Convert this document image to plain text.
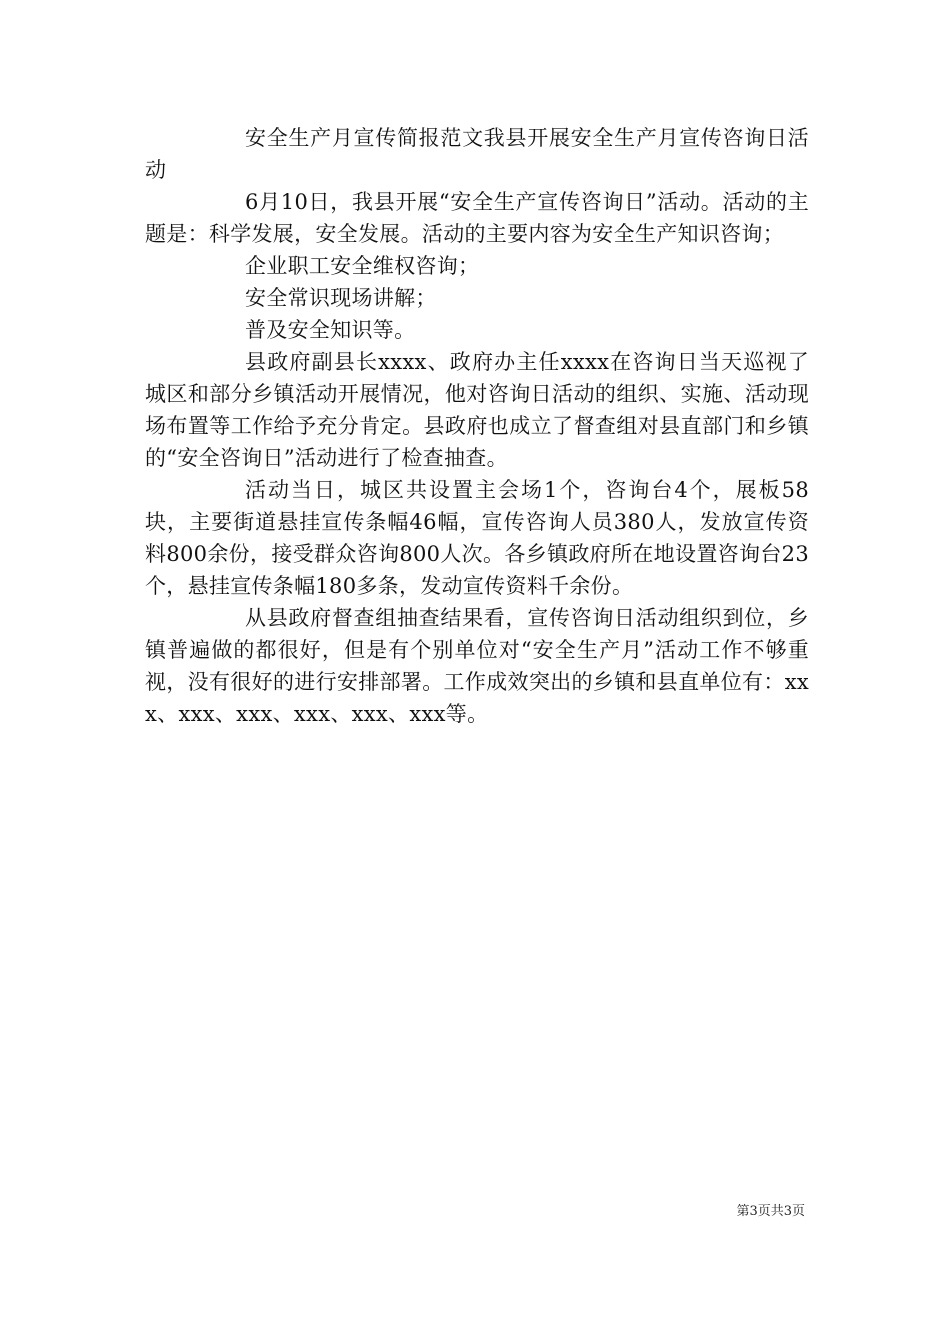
安全生产月宣传简报范文我县开展安全生产月宣传咨询日活动

6月10日，我县开展“安全生产宣传咨询日”活动。活动的主题是：科学发展，安全发展。活动的主要内容为安全生产知识咨询；

企业职工安全维权咨询；

安全常识现场讲解；

普及安全知识等。

县政府副县长xxxx、政府办主任xxxx在咨询日当天巡视了城区和部分乡镇活动开展情况，他对咨询日活动的组织、实施、活动现场布置等工作给予充分肯定。县政府也成立了督查组对县直部门和乡镇的“安全咨询日”活动进行了检查抽查。

活动当日，城区共设置主会场1个，咨询台4个，展板58块，主要街道悬挂宣传条幅46幅，宣传咨询人员380人，发放宣传资料800余份，接受群众咨询800人次。各乡镇政府所在地设置咨询台23个，悬挂宣传条幅180多条，发动宣传资料千余份。

从县政府督查组抽查结果看，宣传咨询日活动组织到位，乡镇普遍做的都很好，但是有个别单位对“安全生产月”活动工作不够重视，没有很好的进行安排部署。工作成效突出的乡镇和县直单位有：xxx、xxx、xxx、xxx、xxx、xxx等。

第3页共3页
